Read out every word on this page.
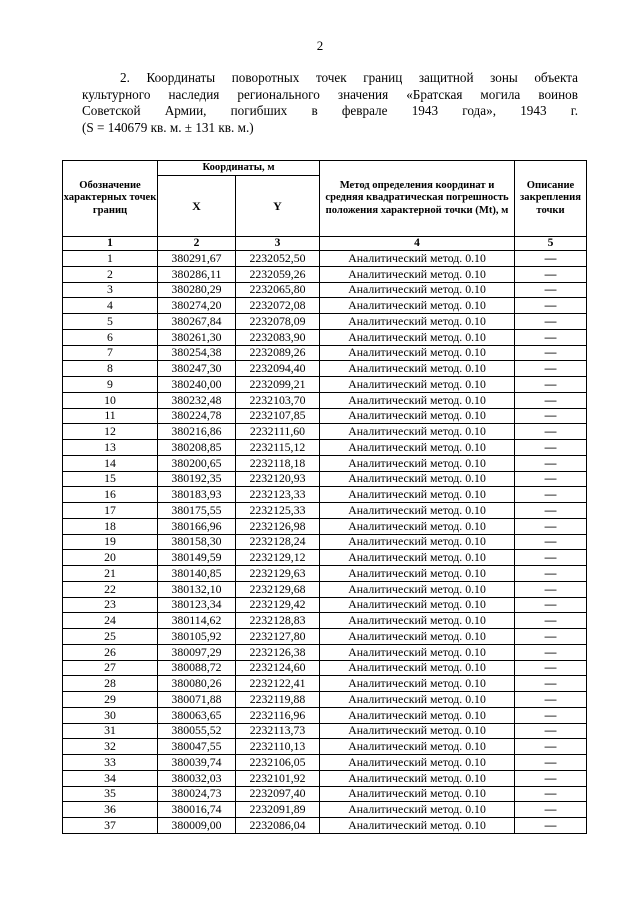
2

2. Координаты поворотных точек границ защитной зоны объекта

культурного наследия регионального значения «Братская могила воинов

Советской Армии, погибших в феврале 1943 года», 1943 г.

(S = 140679 кв. м. ± 131 кв. м.)

Обозначение характерных точек границ	Координаты, м		Метод определения координат и средняя квадратическая погрешность положения характерной точки (Мt), м	Описание закрепления точки
	X	Y		
1	2	3	4	5
1	380291,67	2232052,50	Аналитический метод. 0.10	—
2	380286,11	2232059,26	Аналитический метод. 0.10	—
3	380280,29	2232065,80	Аналитический метод. 0.10	—
4	380274,20	2232072,08	Аналитический метод. 0.10	—
5	380267,84	2232078,09	Аналитический метод. 0.10	—
6	380261,30	2232083,90	Аналитический метод. 0.10	—
7	380254,38	2232089,26	Аналитический метод. 0.10	—
8	380247,30	2232094,40	Аналитический метод. 0.10	—
9	380240,00	2232099,21	Аналитический метод. 0.10	—
10	380232,48	2232103,70	Аналитический метод. 0.10	—
11	380224,78	2232107,85	Аналитический метод. 0.10	—
12	380216,86	2232111,60	Аналитический метод. 0.10	—
13	380208,85	2232115,12	Аналитический метод. 0.10	—
14	380200,65	2232118,18	Аналитический метод. 0.10	—
15	380192,35	2232120,93	Аналитический метод. 0.10	—
16	380183,93	2232123,33	Аналитический метод. 0.10	—
17	380175,55	2232125,33	Аналитический метод. 0.10	—
18	380166,96	2232126,98	Аналитический метод. 0.10	—
19	380158,30	2232128,24	Аналитический метод. 0.10	—
20	380149,59	2232129,12	Аналитический метод. 0.10	—
21	380140,85	2232129,63	Аналитический метод. 0.10	—
22	380132,10	2232129,68	Аналитический метод. 0.10	—
23	380123,34	2232129,42	Аналитический метод. 0.10	—
24	380114,62	2232128,83	Аналитический метод. 0.10	—
25	380105,92	2232127,80	Аналитический метод. 0.10	—
26	380097,29	2232126,38	Аналитический метод. 0.10	—
27	380088,72	2232124,60	Аналитический метод. 0.10	—
28	380080,26	2232122,41	Аналитический метод. 0.10	—
29	380071,88	2232119,88	Аналитический метод. 0.10	—
30	380063,65	2232116,96	Аналитический метод. 0.10	—
31	380055,52	2232113,73	Аналитический метод. 0.10	—
32	380047,55	2232110,13	Аналитический метод. 0.10	—
33	380039,74	2232106,05	Аналитический метод. 0.10	—
34	380032,03	2232101,92	Аналитический метод. 0.10	—
35	380024,73	2232097,40	Аналитический метод. 0.10	—
36	380016,74	2232091,89	Аналитический метод. 0.10	—
37	380009,00	2232086,04	Аналитический метод. 0.10	—
